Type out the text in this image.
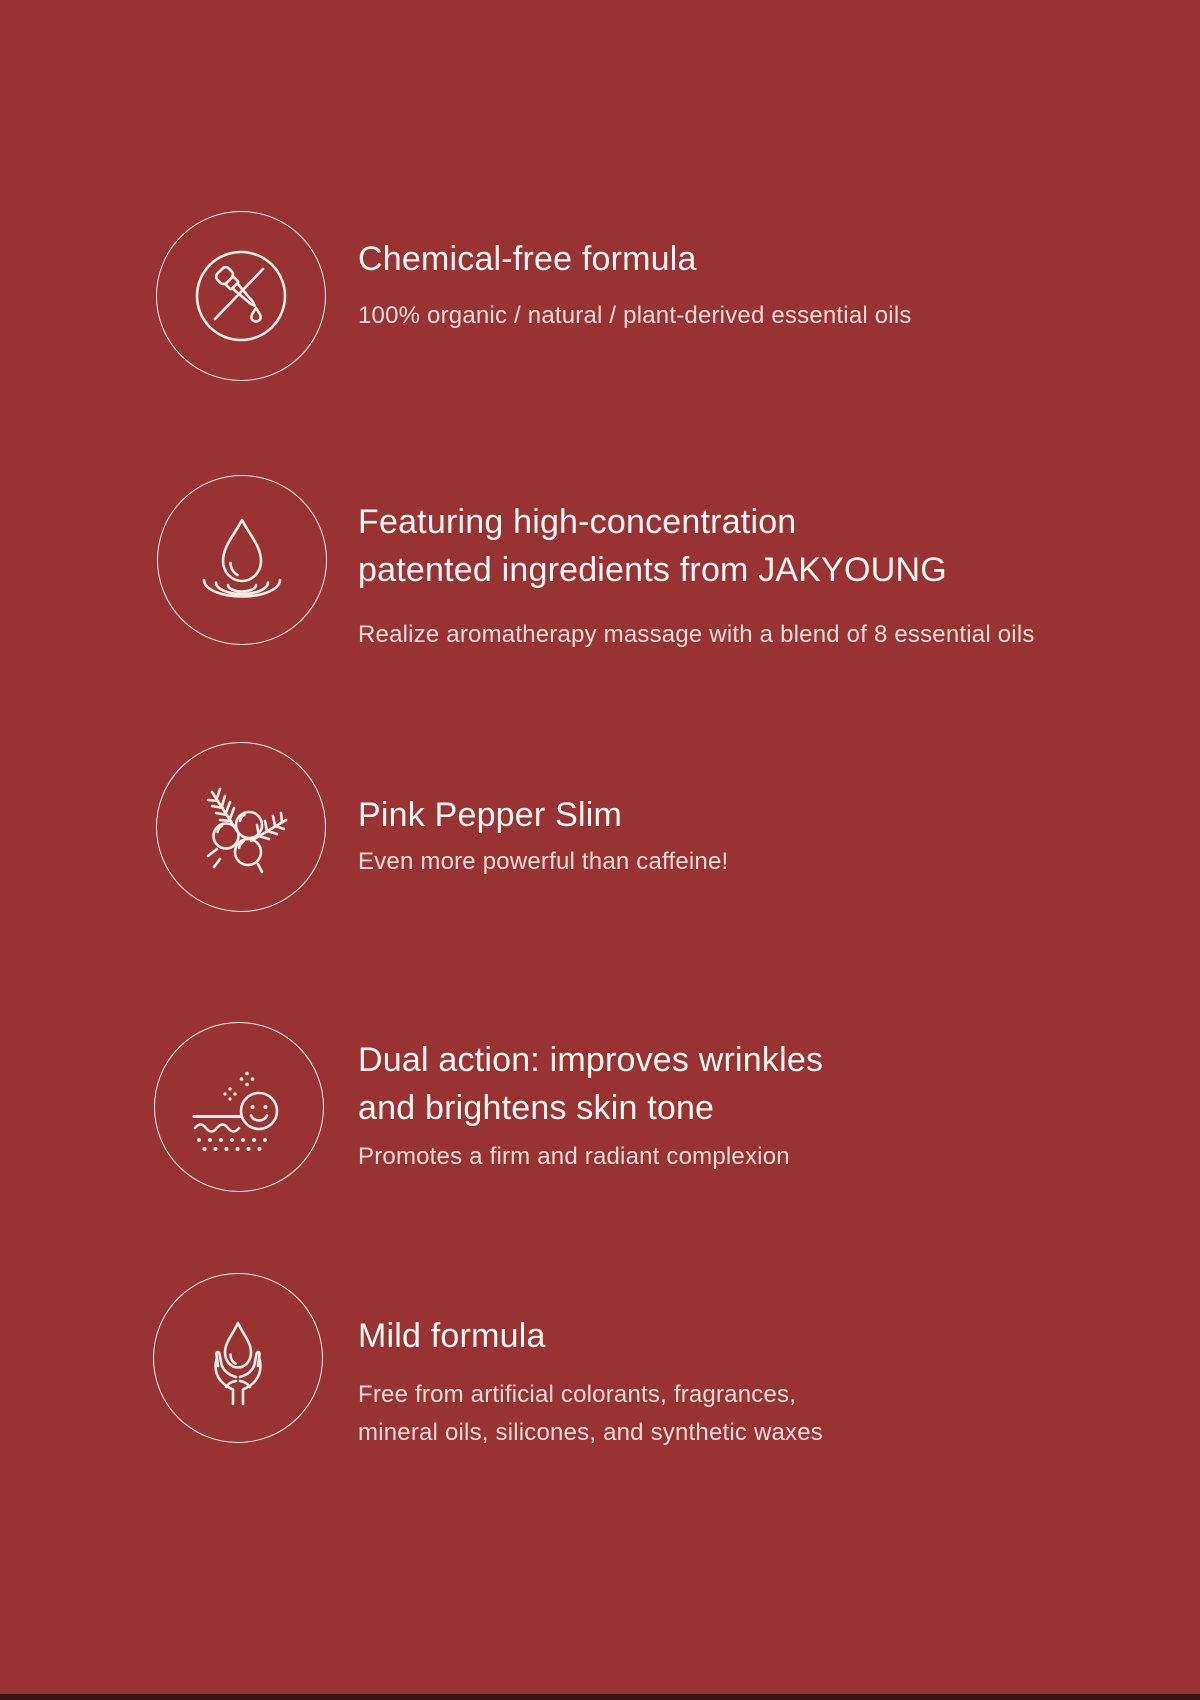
Chemical-free formula
100% organic / natural / plant-derived essential oils
Featuring high-concentration
patented ingredients from JAKYOUNG
Realize aromatherapy massage with a blend of 8 essential oils
Pink Pepper Slim
Even more powerful than caffeine!
Dual action: improves wrinkles
and brightens skin tone
Promotes a firm and radiant complexion
Mild formula
Free from artificial colorants, fragrances,
mineral oils, silicones, and synthetic waxes
